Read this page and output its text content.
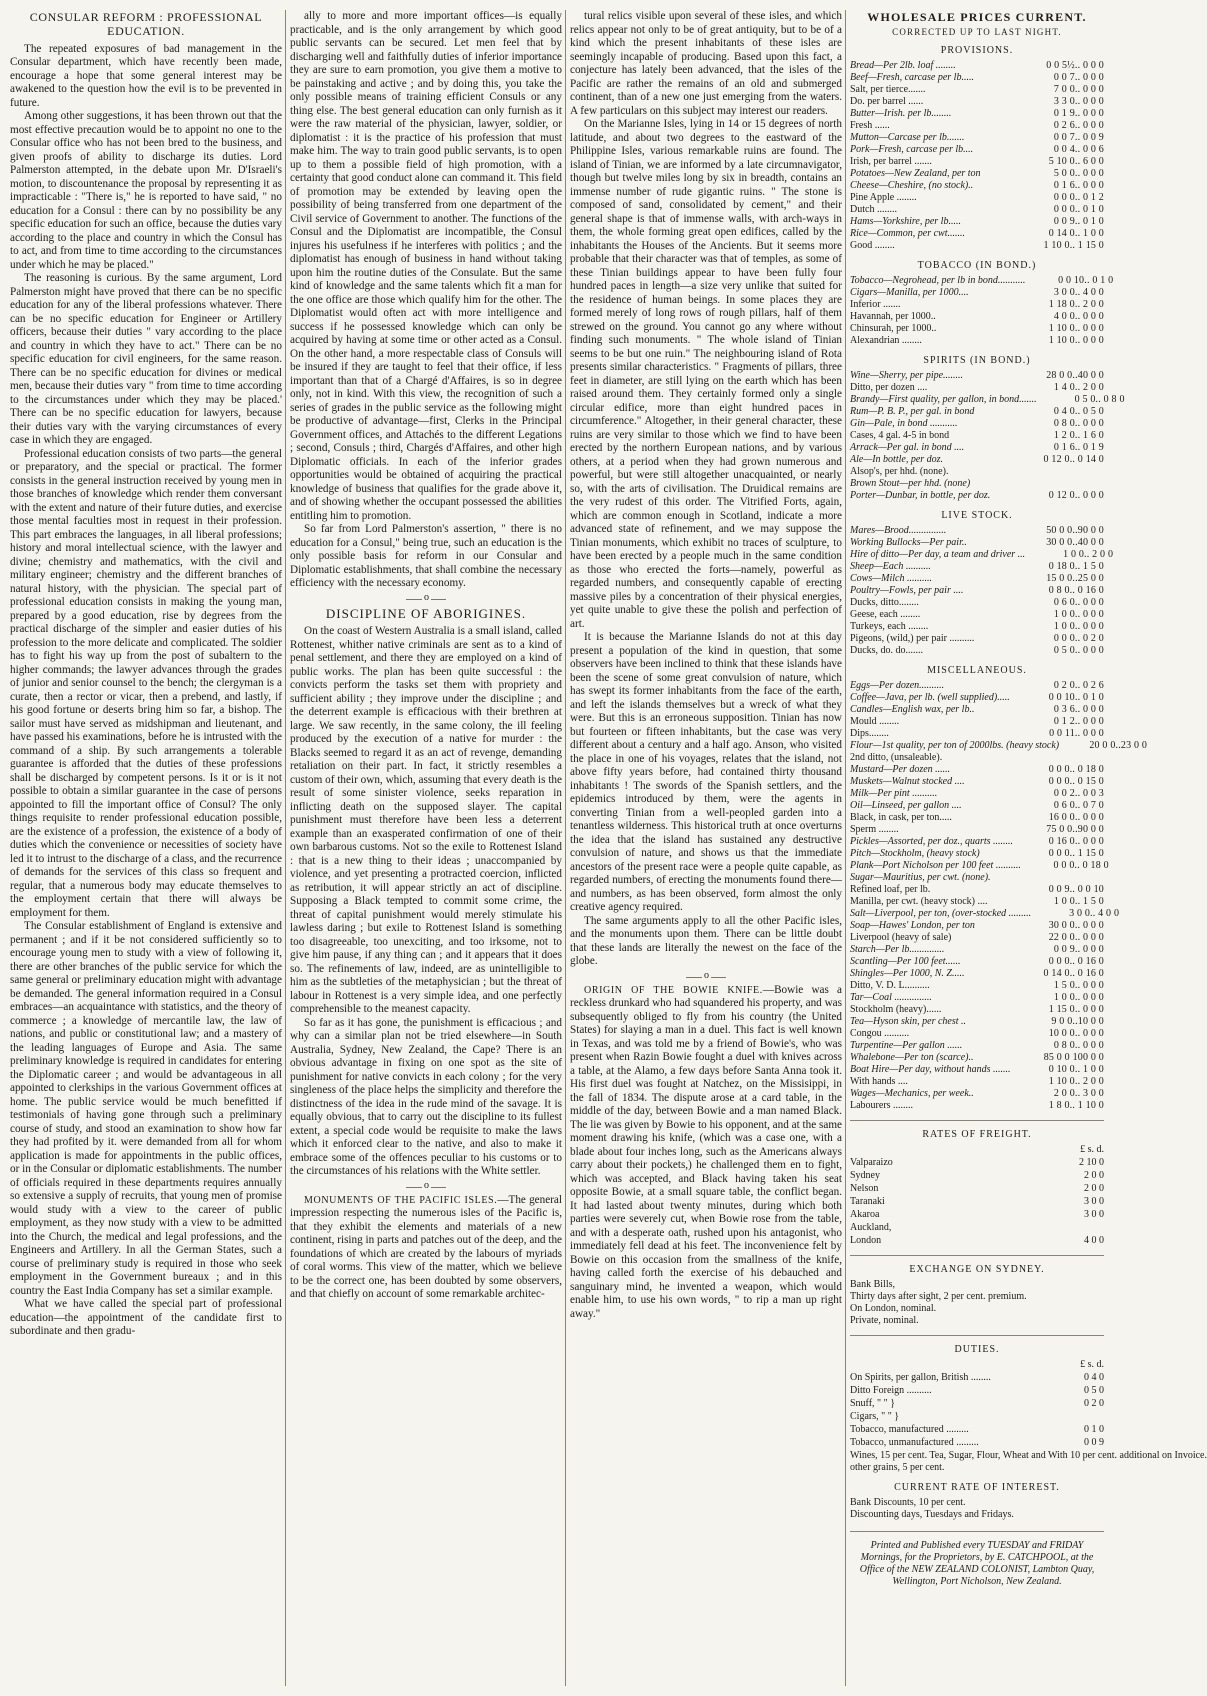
CONSULAR REFORM : PROFESSIONAL EDUCATION.

The repeated exposures of bad management in the Consular department, which have recently been made, encourage a hope that some general interest may be awakened to the question how the evil is to be prevented in future.

Among other suggestions, it has been thrown out that the most effective precaution would be to appoint no one to the Consular office who has not been bred to the business, and given proofs of ability to discharge its duties. Lord Palmerston attempted, in the debate upon Mr. D'Israeli's motion, to discountenance the proposal by representing it as impracticable : "There is," he is reported to have said, " no education for a Consul : there can by no possibility be any specific education for such an office, because the duties vary according to the place and country in which the Consul has to act, and from time to time according to the circumstances under which he may be placed."

The reasoning is curious. By the same argument, Lord Palmerston might have proved that there can be no specific education for any of the liberal professions whatever. There can be no specific education for Engineer or Artillery officers, because their duties " vary according to the place and country in which they have to act." There can be no specific education for civil engineers, for the same reason. There can be no specific education for divines or medical men, because their duties vary " from time to time according to the circumstances under which they may be placed.' There can be no specific education for lawyers, because their duties vary with the varying circumstances of every case in which they are engaged.

Professional education consists of two parts—the general or preparatory, and the special or practical. The former consists in the general instruction received by young men in those branches of knowledge which render them conversant with the extent and nature of their future duties, and exercise those mental faculties most in request in their profession. This part embraces the languages, in all liberal professions; history and moral intellectual science, with the lawyer and divine; chemistry and mathematics, with the civil and military engineer; chemistry and the different branches of natural history, with the physician. The special part of professional education consists in making the young man, prepared by a good education, rise by degrees from the practical discharge of the simpler and easier duties of his profession to the more delicate and complicated. The soldier has to fight his way up from the post of subaltern to the higher commands; the lawyer advances through the grades of junior and senior counsel to the bench; the clergyman is a curate, then a rector or vicar, then a prebend, and lastly, if his good fortune or deserts bring him so far, a bishop. The sailor must have served as midshipman and lieutenant, and have passed his examinations, before he is intrusted with the command of a ship. By such arrangements a tolerable guarantee is afforded that the duties of these professions shall be discharged by competent persons. Is it or is it not possible to obtain a similar guarantee in the case of persons appointed to fill the important office of Consul? The only things requisite to render professional education possible, are the existence of a profession, the existence of a body of duties which the convenience or necessities of society have led it to intrust to the discharge of a class, and the recurrence of demands for the services of this class so frequent and regular, that a numerous body may educate themselves to the employment certain that there will always be employment for them.

The Consular establishment of England is extensive and permanent ; and if it be not considered sufficiently so to encourage young men to study with a view of following it, there are other branches of the public service for which the same general or preliminary education might with advantage be demanded. The general information required in a Consul embraces—an acquaintance with statistics, and the theory of commerce ; a knowledge of mercantile law, the law of nations, and public or constitutional law; and a mastery of the leading languages of Europe and Asia. The same preliminary knowledge is required in candidates for entering the Diplomatic career ; and would be advantageous in all appointed to clerkships in the various Government offices at home. The public service would be much benefitted if testimonials of having gone through such a preliminary course of study, and stood an examination to show how far they had profited by it. were demanded from all for whom application is made for appointments in the public offices, or in the Consular or diplomatic establishments. The number of officials required in these departments requires annually so extensive a supply of recruits, that young men of promise would study with a view to the career of public employment, as they now study with a view to be admitted into the Church, the medical and legal professions, and the Engineers and Artillery. In all the German States, such a course of preliminary study is required in those who seek employment in the Government bureaux ; and in this country the East India Company has set a similar example.

What we have called the special part of professional education—the appointment of the candidate first to subordinate and then gradu-

ally to more and more important offices—is equally practicable, and is the only arrangement by which good public servants can be secured. Let men feel that by discharging well and faithfully duties of inferior importance they are sure to earn promotion, you give them a motive to be painstaking and active ; and by doing this, you take the only possible means of training efficient Consuls or any thing else. The best general education can only furnish as it were the raw material of the physician, lawyer, soldier, or diplomatist : it is the practice of his profession that must make him. The way to train good public servants, is to open up to them a possible field of high promotion, with a certainty that good conduct alone can command it. This field of promotion may be extended by leaving open the possibility of being transferred from one department of the Civil service of Government to another. The functions of the Consul and the Diplomatist are incompatible, the Consul injures his usefulness if he interferes with politics ; and the diplomatist has enough of business in hand without taking upon him the routine duties of the Consulate. But the same kind of knowledge and the same talents which fit a man for the one office are those which qualify him for the other. The Diplomatist would often act with more intelligence and success if he possessed knowledge which can only be acquired by having at some time or other acted as a Consul. On the other hand, a more respectable class of Consuls will be insured if they are taught to feel that their office, if less important than that of a Chargé d'Affaires, is so in degree only, not in kind. With this view, the recognition of such a series of grades in the public service as the following might be productive of advantage—first, Clerks in the Principal Government offices, and Attachés to the different Legations ; second, Consuls ; third, Chargés d'Affaires, and other high Diplomatic officials. In each of the inferior grades opportunities would be obtained of acquiring the practical knowledge of business that qualifies for the grade above it, and of showing whether the occupant possessed the abilities entitling him to promotion.

So far from Lord Palmerston's assertion, " there is no education for a Consul," being true, such an education is the only possible basis for reform in our Consular and Diplomatic establishments, that shall combine the necessary efficiency with the necessary economy.

o
DISCIPLINE OF ABORIGINES.

On the coast of Western Australia is a small island, called Rottenest, whither native criminals are sent as to a kind of penal settlement, and there they are employed on a kind of public works. The plan has been quite successful : the convicts perform the tasks set them with propriety and sufficient ability ; they improve under the discipline ; and the deterrent example is efficacious with their brethren at large. We saw recently, in the same colony, the ill feeling produced by the execution of a native for murder : the Blacks seemed to regard it as an act of revenge, demanding retaliation on their part. In fact, it strictly resembles a custom of their own, which, assuming that every death is the result of some sinister violence, seeks reparation in inflicting death on the supposed slayer. The capital punishment must therefore have been less a deterrent example than an exasperated confirmation of one of their own barbarous customs. Not so the exile to Rottenest Island : that is a new thing to their ideas ; unaccompanied by violence, and yet presenting a protracted coercion, inflicted as retribution, it will appear strictly an act of discipline. Supposing a Black tempted to commit some crime, the threat of capital punishment would merely stimulate his lawless daring ; but exile to Rottenest Island is something too disagreeable, too unexciting, and too irksome, not to give him pause, if any thing can ; and it appears that it does so. The refinements of law, indeed, are as unintelligible to him as the subtleties of the metaphysician ; but the threat of labour in Rottenest is a very simple idea, and one perfectly comprehensible to the meanest capacity.

So far as it has gone, the punishment is efficacious ; and why can a similar plan not be tried elsewhere—in South Australia, Sydney, New Zealand, the Cape? There is an obvious advantage in fixing on one spot as the site of punishment for native convicts in each colony ; for the very singleness of the place helps the simplicity and therefore the distinctness of the idea in the rude mind of the savage. It is equally obvious, that to carry out the discipline to its fullest extent, a special code would be requisite to make the laws which it enforced clear to the native, and also to make it embrace some of the offences peculiar to his customs or to the circumstances of his relations with the White settler.

o

MONUMENTS OF THE PACIFIC ISLES.—The general impression respecting the numerous isles of the Pacific is, that they exhibit the elements and materials of a new continent, rising in parts and patches out of the deep, and the foundations of which are created by the labours of myriads of coral worms. This view of the matter, which we believe to be the correct one, has been doubted by some observers, and that chiefly on account of some remarkable architec-

tural relics visible upon several of these isles, and which relics appear not only to be of great antiquity, but to be of a kind which the present inhabitants of these isles are seemingly incapable of producing. Based upon this fact, a conjecture has lately been advanced, that the isles of the Pacific are rather the remains of an old and submerged continent, than of a new one just emerging from the waters. A few particulars on this subject may interest our readers.

On the Marianne Isles, lying in 14 or 15 degrees of north latitude, and about two degrees to the eastward of the Philippine Isles, various remarkable ruins are found. The island of Tinian, we are informed by a late circumnavigator, though but twelve miles long by six in breadth, contains an immense number of rude gigantic ruins. " The stone is composed of sand, consolidated by cement," and their general shape is that of immense walls, with arch-ways in them, the whole forming great open edifices, called by the inhabitants the Houses of the Ancients. But it seems more probable that their character was that of temples, as some of these Tinian buildings appear to have been fully four hundred paces in length—a size very unlike that suited for the residence of human beings. In some places they are formed merely of long rows of rough pillars, half of them strewed on the ground. You cannot go any where without finding such monuments. " The whole island of Tinian seems to be but one ruin." The neighbouring island of Rota presents similar characteristics. " Fragments of pillars, three feet in diameter, are still lying on the earth which has been raised around them. They certainly formed only a single circular edifice, more than eight hundred paces in circumference." Altogether, in their general character, these ruins are very similar to those which we find to have been erected by the northern European nations, and by various others, at a period when they had grown numerous and powerful, but were still altogether unacquainted, or nearly so, with the arts of civilisation. The Druidical remains are the very rudest of this order. The Vitrified Forts, again, which are common enough in Scotland, indicate a more advanced state of refinement, and we may suppose the Tinian monuments, which exhibit no traces of sculpture, to have been erected by a people much in the same condition as those who erected the forts—namely, powerful as regarded numbers, and consequently capable of erecting massive piles by a concentration of their physical energies, yet quite unable to give these the polish and perfection of art.

It is because the Marianne Islands do not at this day present a population of the kind in question, that some observers have been inclined to think that these islands have been the scene of some great convulsion of nature, which has swept its former inhabitants from the face of the earth, and left the islands themselves but a wreck of what they were. But this is an erroneous supposition. Tinian has now but fourteen or fifteen inhabitants, but the case was very different about a century and a half ago. Anson, who visited the place in one of his voyages, relates that the island, not above fifty years before, had contained thirty thousand inhabitants ! The swords of the Spanish settlers, and the epidemics introduced by them, were the agents in converting Tinian from a well-peopled garden into a tenantless wilderness. This historical truth at once overturns the idea that the island has sustained any destructive convulsion of nature, and shows us that the immediate ancestors of the present race were a people quite capable, as regarded numbers, of erecting the monuments found there—and numbers, as has been observed, form almost the only creative agency required.

The same arguments apply to all the other Pacific isles, and the monuments upon them. There can be little doubt that these lands are literally the newest on the face of the globe.

o

ORIGIN OF THE BOWIE KNIFE.—Bowie was a reckless drunkard who had squandered his property, and was subsequently obliged to fly from his country (the United States) for slaying a man in a duel. This fact is well known in Texas, and was told me by a friend of Bowie's, who was present when Razin Bowie fought a duel with knives across a table, at the Alamo, a few days before Santa Anna took it. His first duel was fought at Natchez, on the Missisippi, in the fall of 1834. The dispute arose at a card table, in the middle of the day, between Bowie and a man named Black. The lie was given by Bowie to his opponent, and at the same moment drawing his knife, (which was a case one, with a blade about four inches long, such as the Americans always carry about their pockets,) he challenged them en to fight, which was accepted, and Black having taken his seat opposite Bowie, at a small square table, the conflict began. It had lasted about twenty minutes, during which both parties were severely cut, when Bowie rose from the table, and with a desperate oath, rushed upon his antagonist, who immediately fell dead at his feet. The inconvenience felt by Bowie on this occasion from the smallness of the knife, having called forth the exercise of his debauched and sanguinary mind, he invented a weapon, which would enable him, to use his own words, " to rip a man up right away."

WHOLESALE PRICES CURRENT.
CORRECTED UP TO LAST NIGHT.
PROVISIONS.
Bread—Per 2lb. loaf ........	0 0 5½.. 0 0 0
Beef—Fresh, carcase per lb.....	0 0 7.. 0 0 0
Salt, per tierce.......	7 0 0.. 0 0 0
Do. per barrel ......	3 3 0.. 0 0 0
Butter—Irish. per lb........	0 1 9.. 0 0 0
Fresh ......	0 2 6.. 0 0 0
Mutton—Carcase per lb.......	0 0 7.. 0 0 9
Pork—Fresh, carcase per lb....	0 0 4.. 0 0 6
Irish, per barrel .......	5 10 0.. 6 0 0
Potatoes—New Zealand, per ton	5 0 0.. 0 0 0
Cheese—Cheshire, (no stock)..	0 1 6.. 0 0 0
Pine Apple ........	0 0 0.. 0 1 2
Dutch ........	0 0 0.. 0 1 0
Hams—Yorkshire, per lb.....	0 0 9.. 0 1 0
Rice—Common, per cwt.......	0 14 0.. 1 0 0
Good ........	1 10 0.. 1 15 0
TOBACCO (IN BOND.)
Tobacco—Negrohead, per lb in bond...........	0 0 10.. 0 1 0
Cigars—Manilla, per 1000....	3 0 0.. 4 0 0
Inferior .......	1 18 0.. 2 0 0
Havannah, per 1000..	4 0 0.. 0 0 0
Chinsurah, per 1000..	1 10 0.. 0 0 0
Alexandrian ........	1 10 0.. 0 0 0
SPIRITS (IN BOND.)
Wine—Sherry, per pipe........	28 0 0..40 0 0
Ditto, per dozen ....	1 4 0.. 2 0 0
Brandy—First quality, per gallon, in bond.......	0 5 0.. 0 8 0
Rum—P. B. P., per gal. in bond	0 4 0.. 0 5 0
Gin—Pale, in bond ...........	0 8 0.. 0 0 0
Cases, 4 gal. 4-5 in bond	1 2 0.. 1 6 0
Arrack—Per gal. in bond ....	0 1 6.. 0 1 9
Ale—In bottle, per doz.	0 12 0.. 0 14 0
Alsop's, per hhd. (none).
Brown Stout—per hhd. (none)
Porter—Dunbar, in bottle, per doz.	0 12 0.. 0 0 0
LIVE STOCK.
Mares—Brood...............	50 0 0..90 0 0
Working Bullocks—Per pair..	30 0 0..40 0 0
Hire of ditto—Per day, a team and driver ...	1 0 0.. 2 0 0
Sheep—Each ..........	0 18 0.. 1 5 0
Cows—Milch ..........	15 0 0..25 0 0
Poultry—Fowls, per pair ....	0 8 0.. 0 16 0
Ducks, ditto........	0 6 0.. 0 0 0
Geese, each ........	1 0 0.. 0 0 0
Turkeys, each ........	1 0 0.. 0 0 0
Pigeons, (wild,) per pair ..........	0 0 0.. 0 2 0
Ducks, do. do.......	0 5 0.. 0 0 0
MISCELLANEOUS.
Eggs—Per dozen..........	0 2 0.. 0 2 6
Coffee—Java, per lb. (well supplied).....	0 0 10.. 0 1 0
Candles—English wax, per lb..	0 3 6.. 0 0 0
Mould ........	0 1 2.. 0 0 0
Dips........	0 0 11.. 0 0 0
Flour—1st quality, per ton of 2000lbs. (heavy stock)	20 0 0..23 0 0
2nd ditto, (unsaleable).
Mustard—Per dozen ......	0 0 0.. 0 18 0
Muskets—Walnut stocked ....	0 0 0.. 0 15 0
Milk—Per pint ..........	0 0 2.. 0 0 3
Oil—Linseed, per gallon ....	0 6 0.. 0 7 0
Black, in cask, per ton.....	16 0 0.. 0 0 0
Sperm ........	75 0 0..90 0 0
Pickles—Assorted, per doz., quarts ........	0 16 0.. 0 0 0
Pitch—Stockholm, (heavy stock)	0 0 0.. 1 15 0
Plank—Port Nicholson per 100 feet ..........	0 0 0.. 0 18 0
Sugar—Mauritius, per cwt. (none).
Refined loaf, per lb.	0 0 9.. 0 0 10
Manilla, per cwt. (heavy stock) ....	1 0 0.. 1 5 0
Salt—Liverpool, per ton, (over-stocked .........	3 0 0.. 4 0 0
Soap—Hawes' London, per ton	30 0 0.. 0 0 0
Liverpool (heavy of sale)	22 0 0.. 0 0 0
Starch—Per lb..............	0 0 9.. 0 0 0
Scantling—Per 100 feet......	0 0 0.. 0 16 0
Shingles—Per 1000, N. Z.....	0 14 0.. 0 16 0
Ditto, V. D. L..........	1 5 0.. 0 0 0
Tar—Coal ...............	1 0 0.. 0 0 0
Stockholm (heavy)......	1 15 0.. 0 0 0
Tea—Hyson skin, per chest ..	9 0 0..10 0 0
Congou ..........	10 0 0.. 0 0 0
Turpentine—Per gallon ......	0 8 0.. 0 0 0
Whalebone—Per ton (scarce)..	85 0 0 100 0 0
Boat Hire—Per day, without hands .......	0 10 0.. 1 0 0
With hands ....	1 10 0.. 2 0 0
Wages—Mechanics, per week..	2 0 0.. 3 0 0
Labourers ........	1 8 0.. 1 10 0
RATES OF FREIGHT.
£ s. d.
Valparaizo	2 10 0
Sydney	2 0 0
Nelson	2 0 0
Taranaki	3 0 0
Akaroa	3 0 0
Auckland,
London	4 0 0
EXCHANGE ON SYDNEY.

Bank Bills,

Thirty days after sight, 2 per cent. premium.

On London, nominal.

Private, nominal.

DUTIES.
£ s. d.
On Spirits, per gallon, British ........	0 4 0
Ditto Foreign ..........	0 5 0
Snuff, " " }	0 2 0
Cigars, " " }
Tobacco, manufactured .........	0 1 0
Tobacco, unmanufactured .........	0 0 9
Wines, 15 per cent. Tea, Sugar, Flour, Wheat and other grains, 5 per cent.
With 10 per cent. additional on Invoice.
CURRENT RATE OF INTEREST.

Bank Discounts, 10 per cent.

Discounting days, Tuesdays and Fridays.

Printed and Published every TUESDAY and FRIDAY Mornings, for the Proprietors, by E. CATCHPOOL, at the Office of the NEW ZEALAND COLONIST, Lambton Quay, Wellington, Port Nicholson, New Zealand.
